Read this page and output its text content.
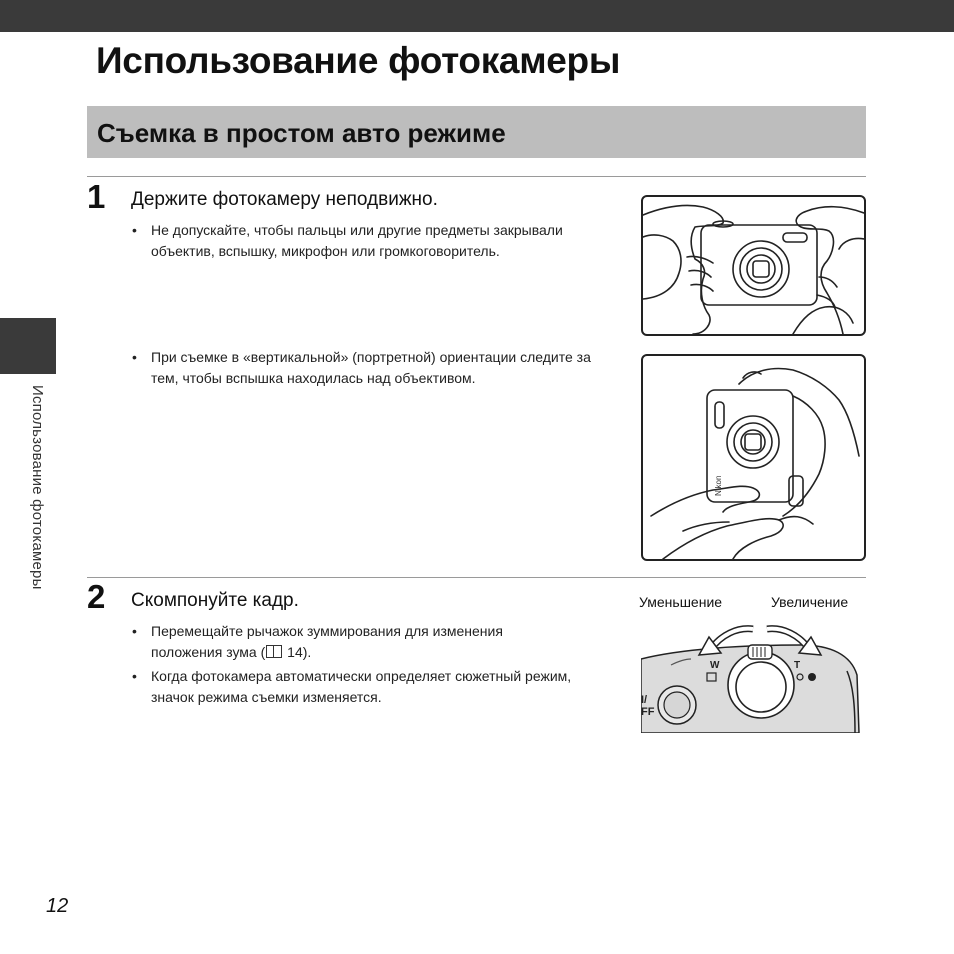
Использование фотокамеры
Съемка в простом авто режиме
Использование фотокамеры
1 Держите фотокамеру неподвижно.
• Не допускайте, чтобы пальцы или другие предметы закрывали объектив, вспышку, микрофон или громкоговоритель.
• При съемке в «вертикальной» (портретной) ориентации следите за тем, чтобы вспышка находилась над объективом.
Nikon
2 Скомпонуйте кадр.
• Перемещайте рычажок зуммирования для изменения положения зума ( 14).
• Когда фотокамера автоматически определяет сюжетный режим, значок режима съемки изменяется.
Уменьшение	Увеличение
I/
FF
W	T
12
